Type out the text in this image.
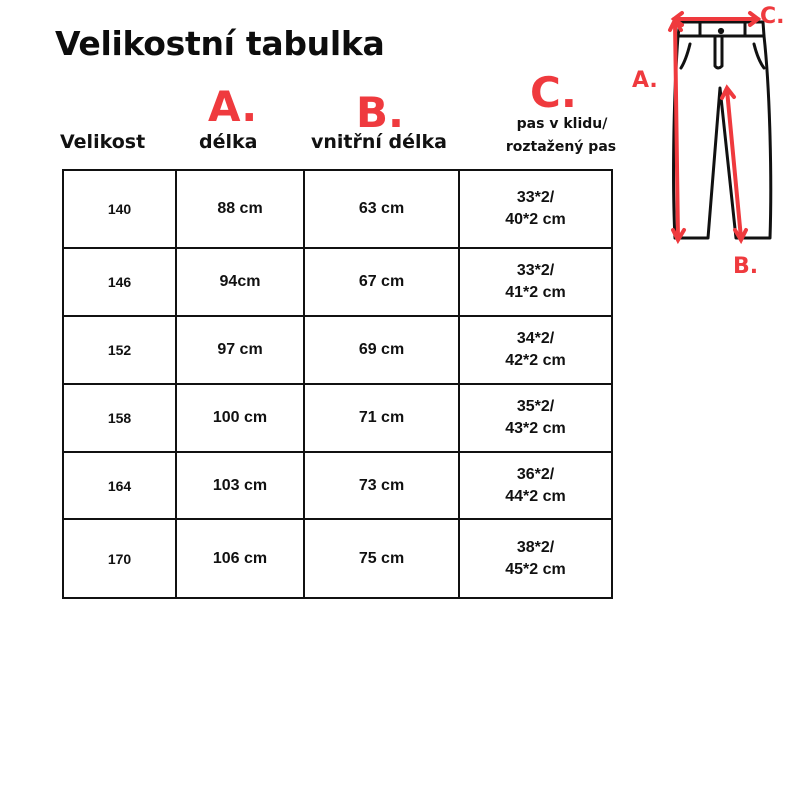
Velikostní tabulka
A. B.	C.
Velikost	délka	vnitřní délka
pas v klidu/
roztažený pas
140	88 cm	63 cm	33*2/
40*2 cm
146	94cm	67 cm	33*2/
41*2 cm
152	97 cm	69 cm	34*2/
42*2 cm
158	100 cm	71 cm	35*2/
43*2 cm
164	103 cm	73 cm	36*2/
44*2 cm
170	106 cm	75 cm	38*2/
45*2 cm
A.
C.
B.
